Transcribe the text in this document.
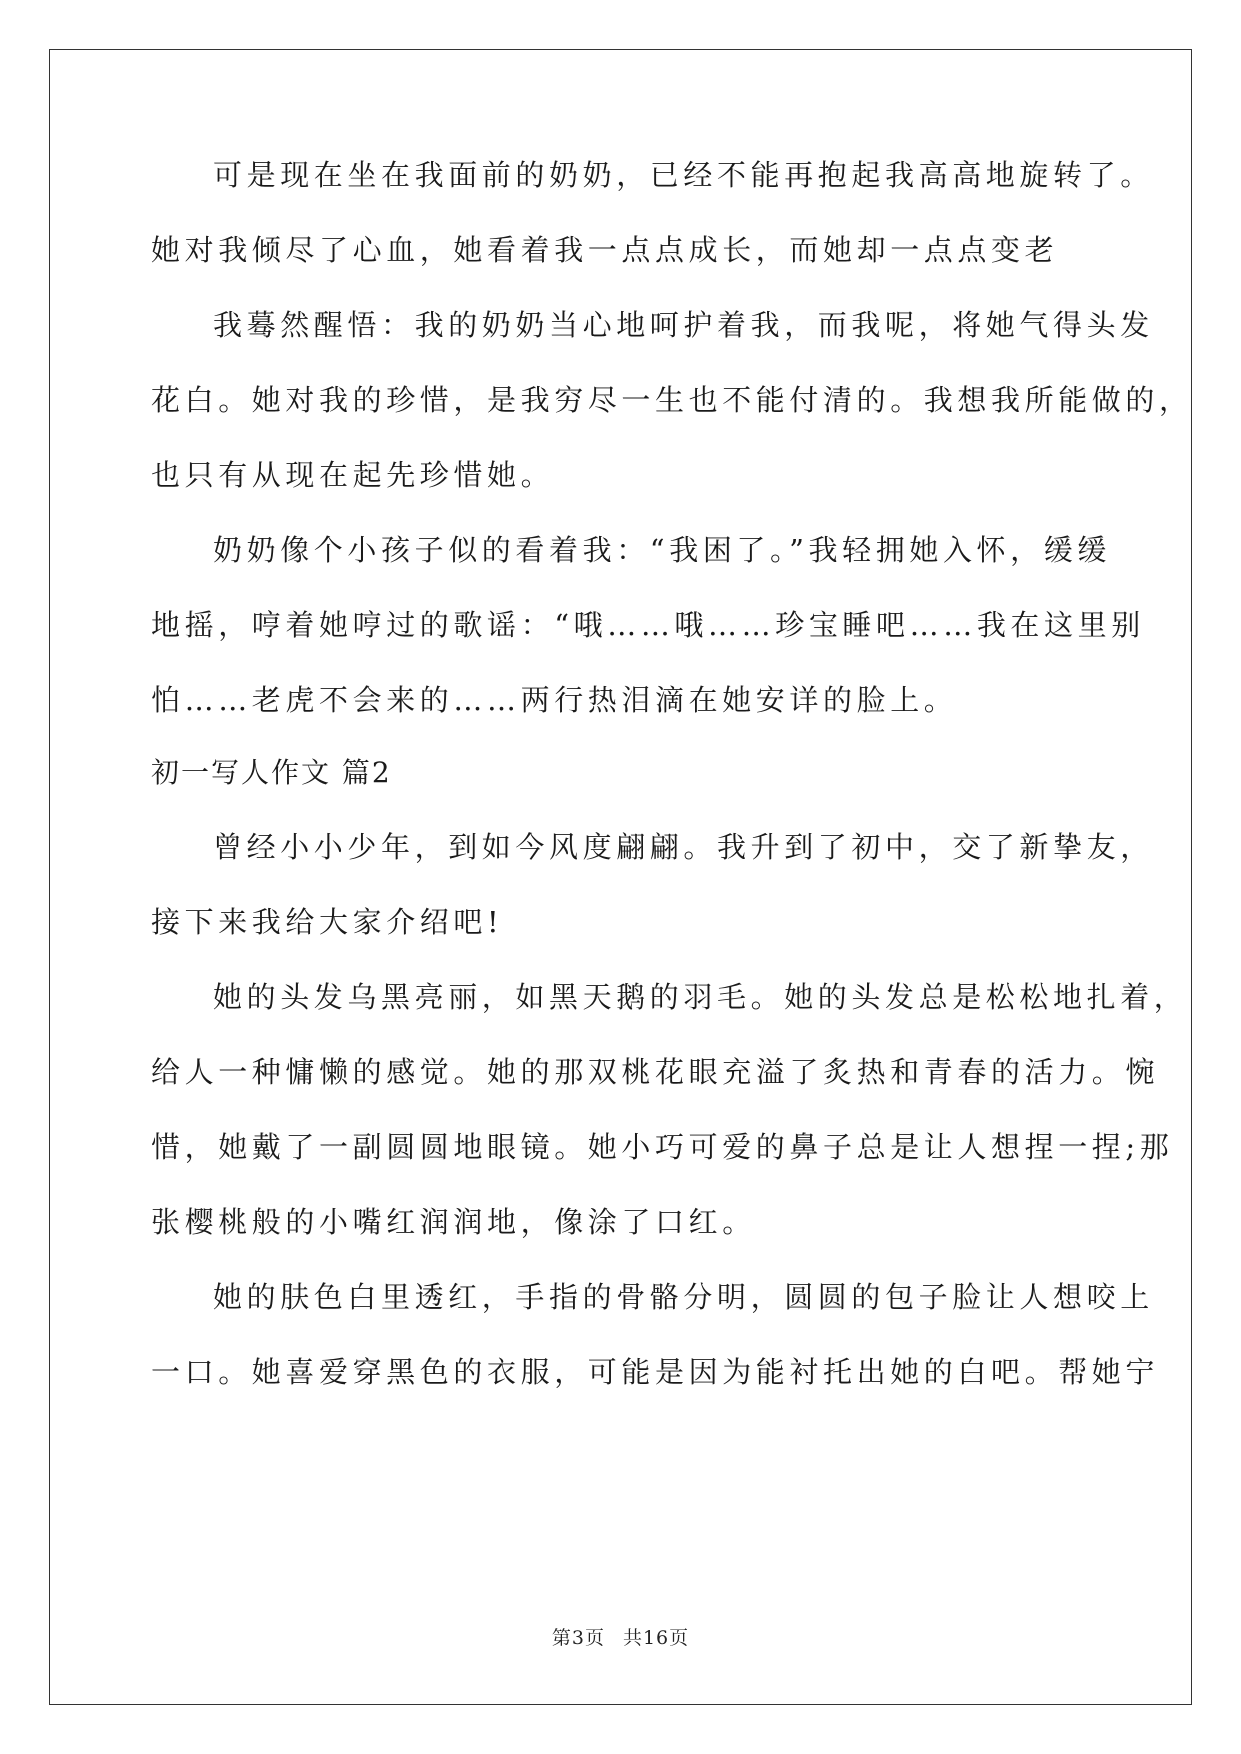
可是现在坐在我面前的奶奶，已经不能再抱起我高高地旋转了。
她对我倾尽了心血，她看着我一点点成长，而她却一点点变老
我蓦然醒悟：我的奶奶当心地呵护着我，而我呢，将她气得头发
花白。她对我的珍惜，是我穷尽一生也不能付清的。我想我所能做的，
也只有从现在起先珍惜她。
奶奶像个小孩子似的看着我：“我困了。”我轻拥她入怀，缓缓
地摇，哼着她哼过的歌谣：“哦……哦……珍宝睡吧……我在这里别
怕……老虎不会来的……两行热泪滴在她安详的脸上。
初一写人作文 篇2
曾经小小少年，到如今风度翩翩。我升到了初中，交了新挚友，
接下来我给大家介绍吧!
她的头发乌黑亮丽，如黑天鹅的羽毛。她的头发总是松松地扎着，
给人一种慵懒的感觉。她的那双桃花眼充溢了炙热和青春的活力。惋
惜，她戴了一副圆圆地眼镜。她小巧可爱的鼻子总是让人想捏一捏;那
张樱桃般的小嘴红润润地，像涂了口红。
她的肤色白里透红，手指的骨骼分明，圆圆的包子脸让人想咬上
一口。她喜爱穿黑色的衣服，可能是因为能衬托出她的白吧。帮她宁
第3页 共16页
